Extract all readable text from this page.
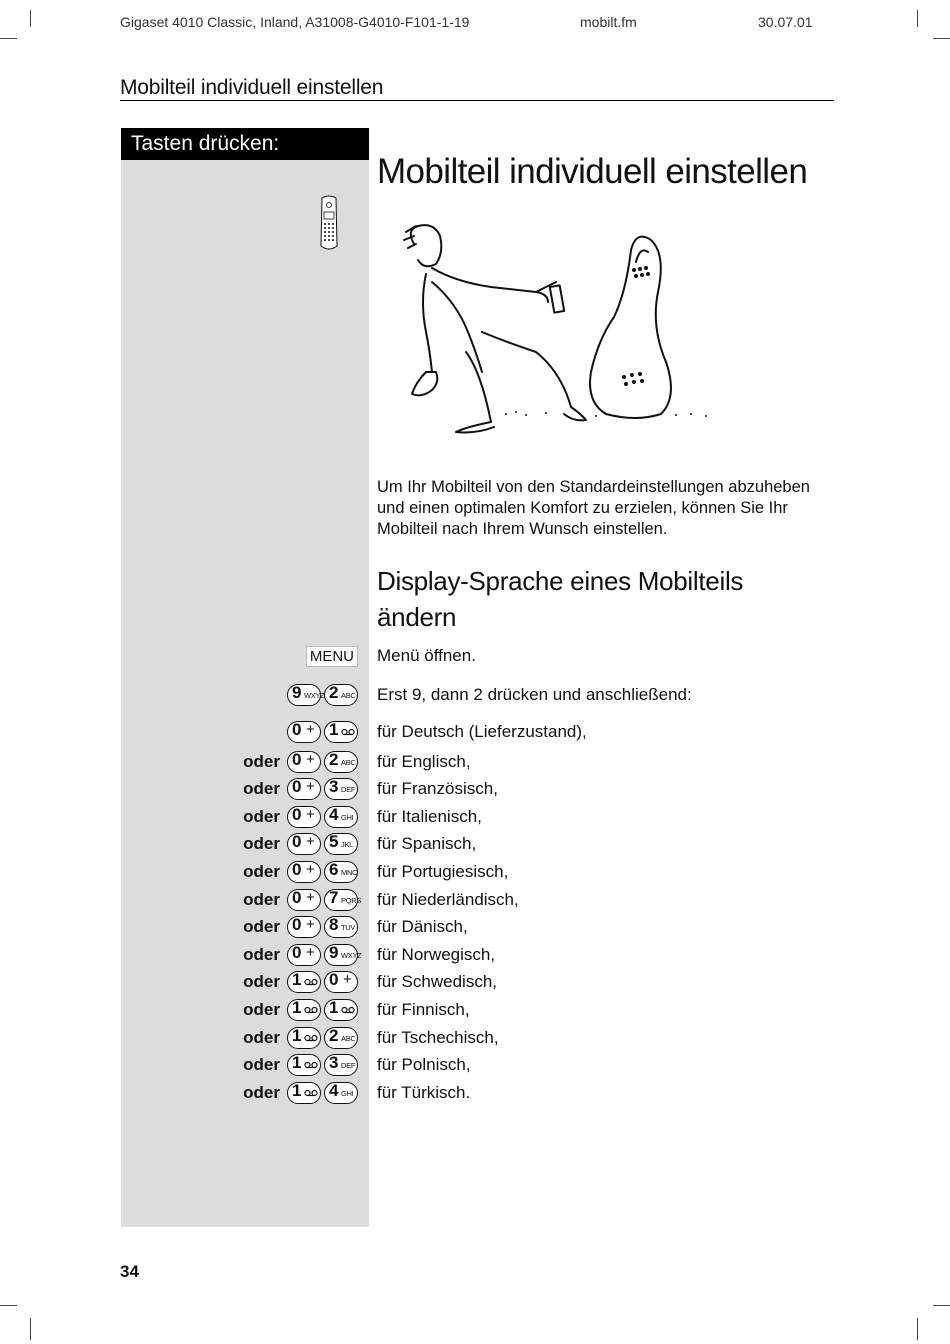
Gigaset 4010 Classic, Inland, A31008-G4010-F101-1-19	mobilt.fm	30.07.01
Mobilteil individuell einstellen
Tasten drücken:
Mobilteil individuell einstellen
Um Ihr Mobilteil von den Standardeinstellungen abzuheben und einen optimalen Komfort zu erzielen, können Sie Ihr Mobilteil nach Ihrem Wunsch einstellen.
Display-Sprache eines Mobilteils ändern
MENU Menü öffnen.
9 WXYZ 2 ABC Erst 9, dann 2 drücken und anschließend:
0 + 1 für Deutsch (Lieferzustand),
oder 0 + 2 ABC für Englisch,
oder 0 + 3 DEF für Französisch,
oder 0 + 4 GHI für Italienisch,
oder 0 + 5 JKL für Spanisch,
oder 0 + 6 MNO für Portugiesisch,
oder 0 + 7 PQRS für Niederländisch,
oder 0 + 8 TUV für Dänisch,
oder 0 + 9 WXYZ für Norwegisch,
oder 1 0 + für Schwedisch,
oder 1 1 für Finnisch,
oder 1 2 ABC für Tschechisch,
oder 1 3 DEF für Polnisch,
oder 1 4 GHI für Türkisch.
34
